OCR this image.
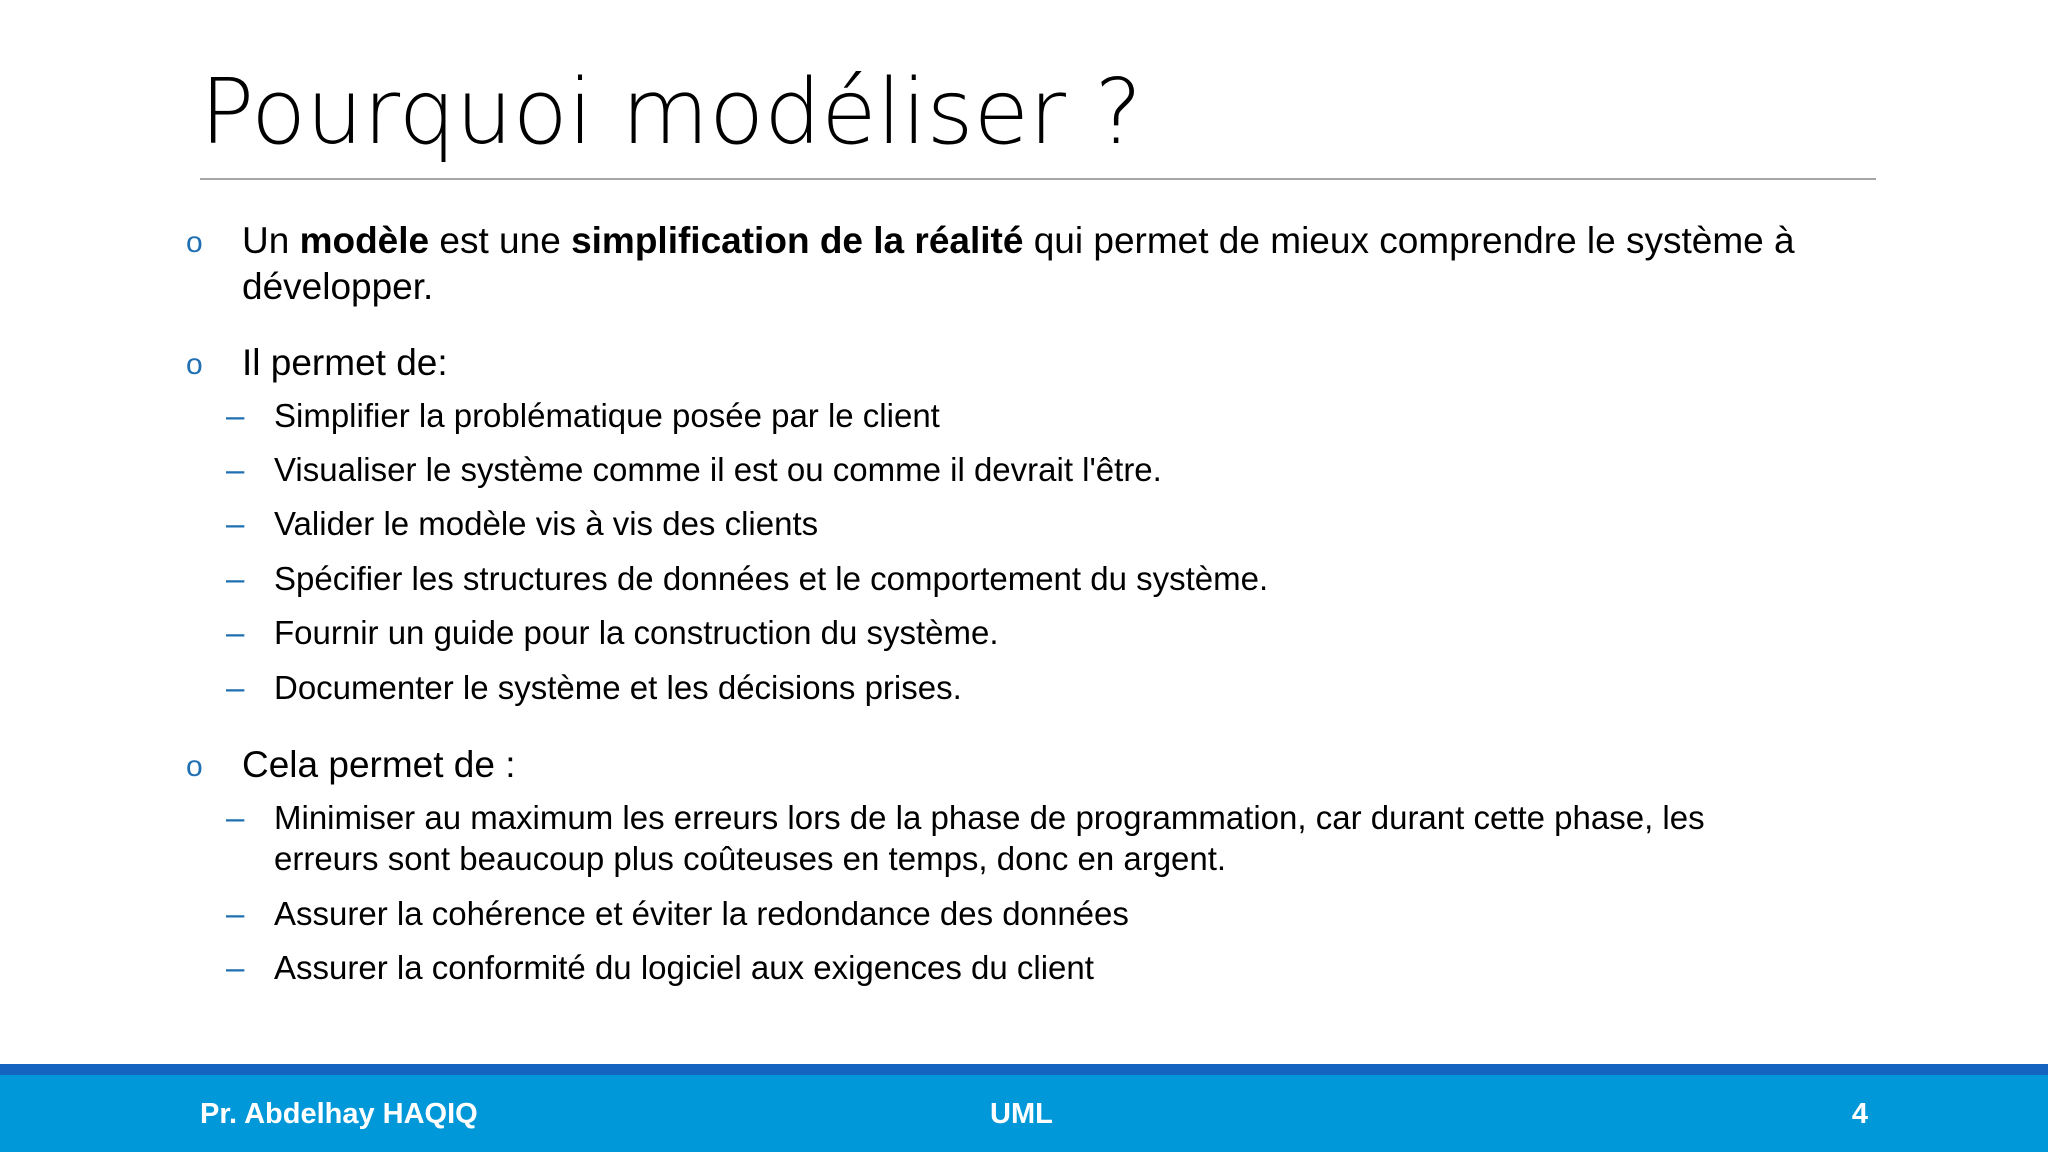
Pourquoi modéliser ?
o	Un modèle est une simplification de la réalité qui permet de mieux comprendre le système à
développer.
o	Il permet de:
– Simplifier la problématique posée par le client
– Visualiser le système comme il est ou comme il devrait l'être.
– Valider le modèle vis à vis des clients
– Spécifier les structures de données et le comportement du système.
– Fournir un guide pour la construction du système.
– Documenter le système et les décisions prises.
o	Cela permet de :
– Minimiser au maximum les erreurs lors de la phase de programmation, car durant cette phase, les
erreurs sont beaucoup plus coûteuses en temps, donc en argent.
– Assurer la cohérence et éviter la redondance des données
– Assurer la conformité du logiciel aux exigences du client
Pr. Abdelhay HAQIQ	UML	4
